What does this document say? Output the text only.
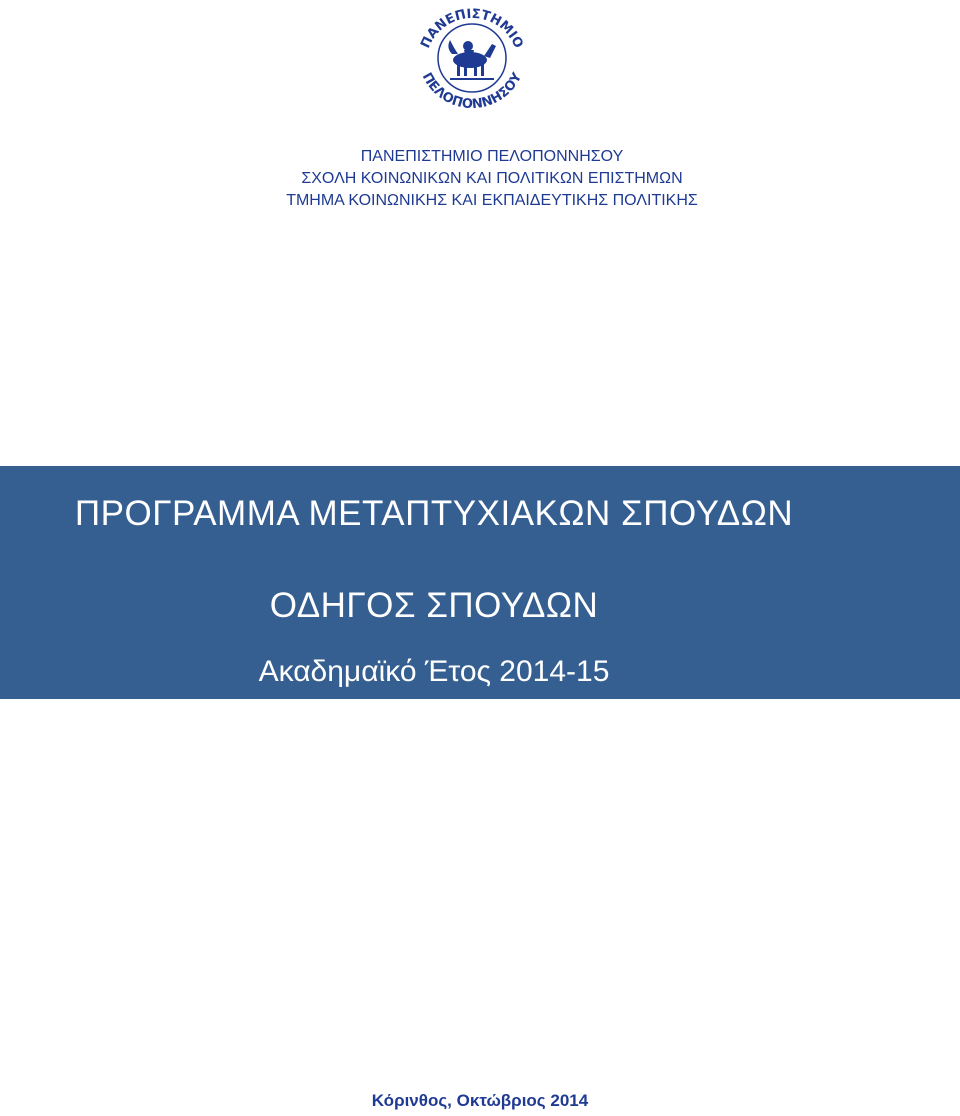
ΠΑΝΕΠΙΣΤΗΜΙΟ
ΠΕΛΟΠΟΝΝΗΣΟΥ
ΠΑΝΕΠΙΣΤΗΜΙΟ ΠΕΛΟΠΟΝΝΗΣΟΥ
ΣΧΟΛΗ ΚΟΙΝΩΝΙΚΩΝ ΚΑΙ ΠΟΛΙΤΙΚΩΝ ΕΠΙΣΤΗΜΩΝ
ΤΜΗΜΑ ΚΟΙΝΩΝΙΚΗΣ ΚΑΙ ΕΚΠΑΙΔΕΥΤΙΚΗΣ ΠΟΛΙΤΙΚΗΣ
ΠΡΟΓΡΑΜΜΑ ΜΕΤΑΠΤΥΧΙΑΚΩΝ ΣΠΟΥΔΩΝ
ΟΔΗΓΟΣ ΣΠΟΥΔΩΝ
Ακαδημαϊκό Έτος 2014-15
Κόρινθος, Οκτώβριος 2014
